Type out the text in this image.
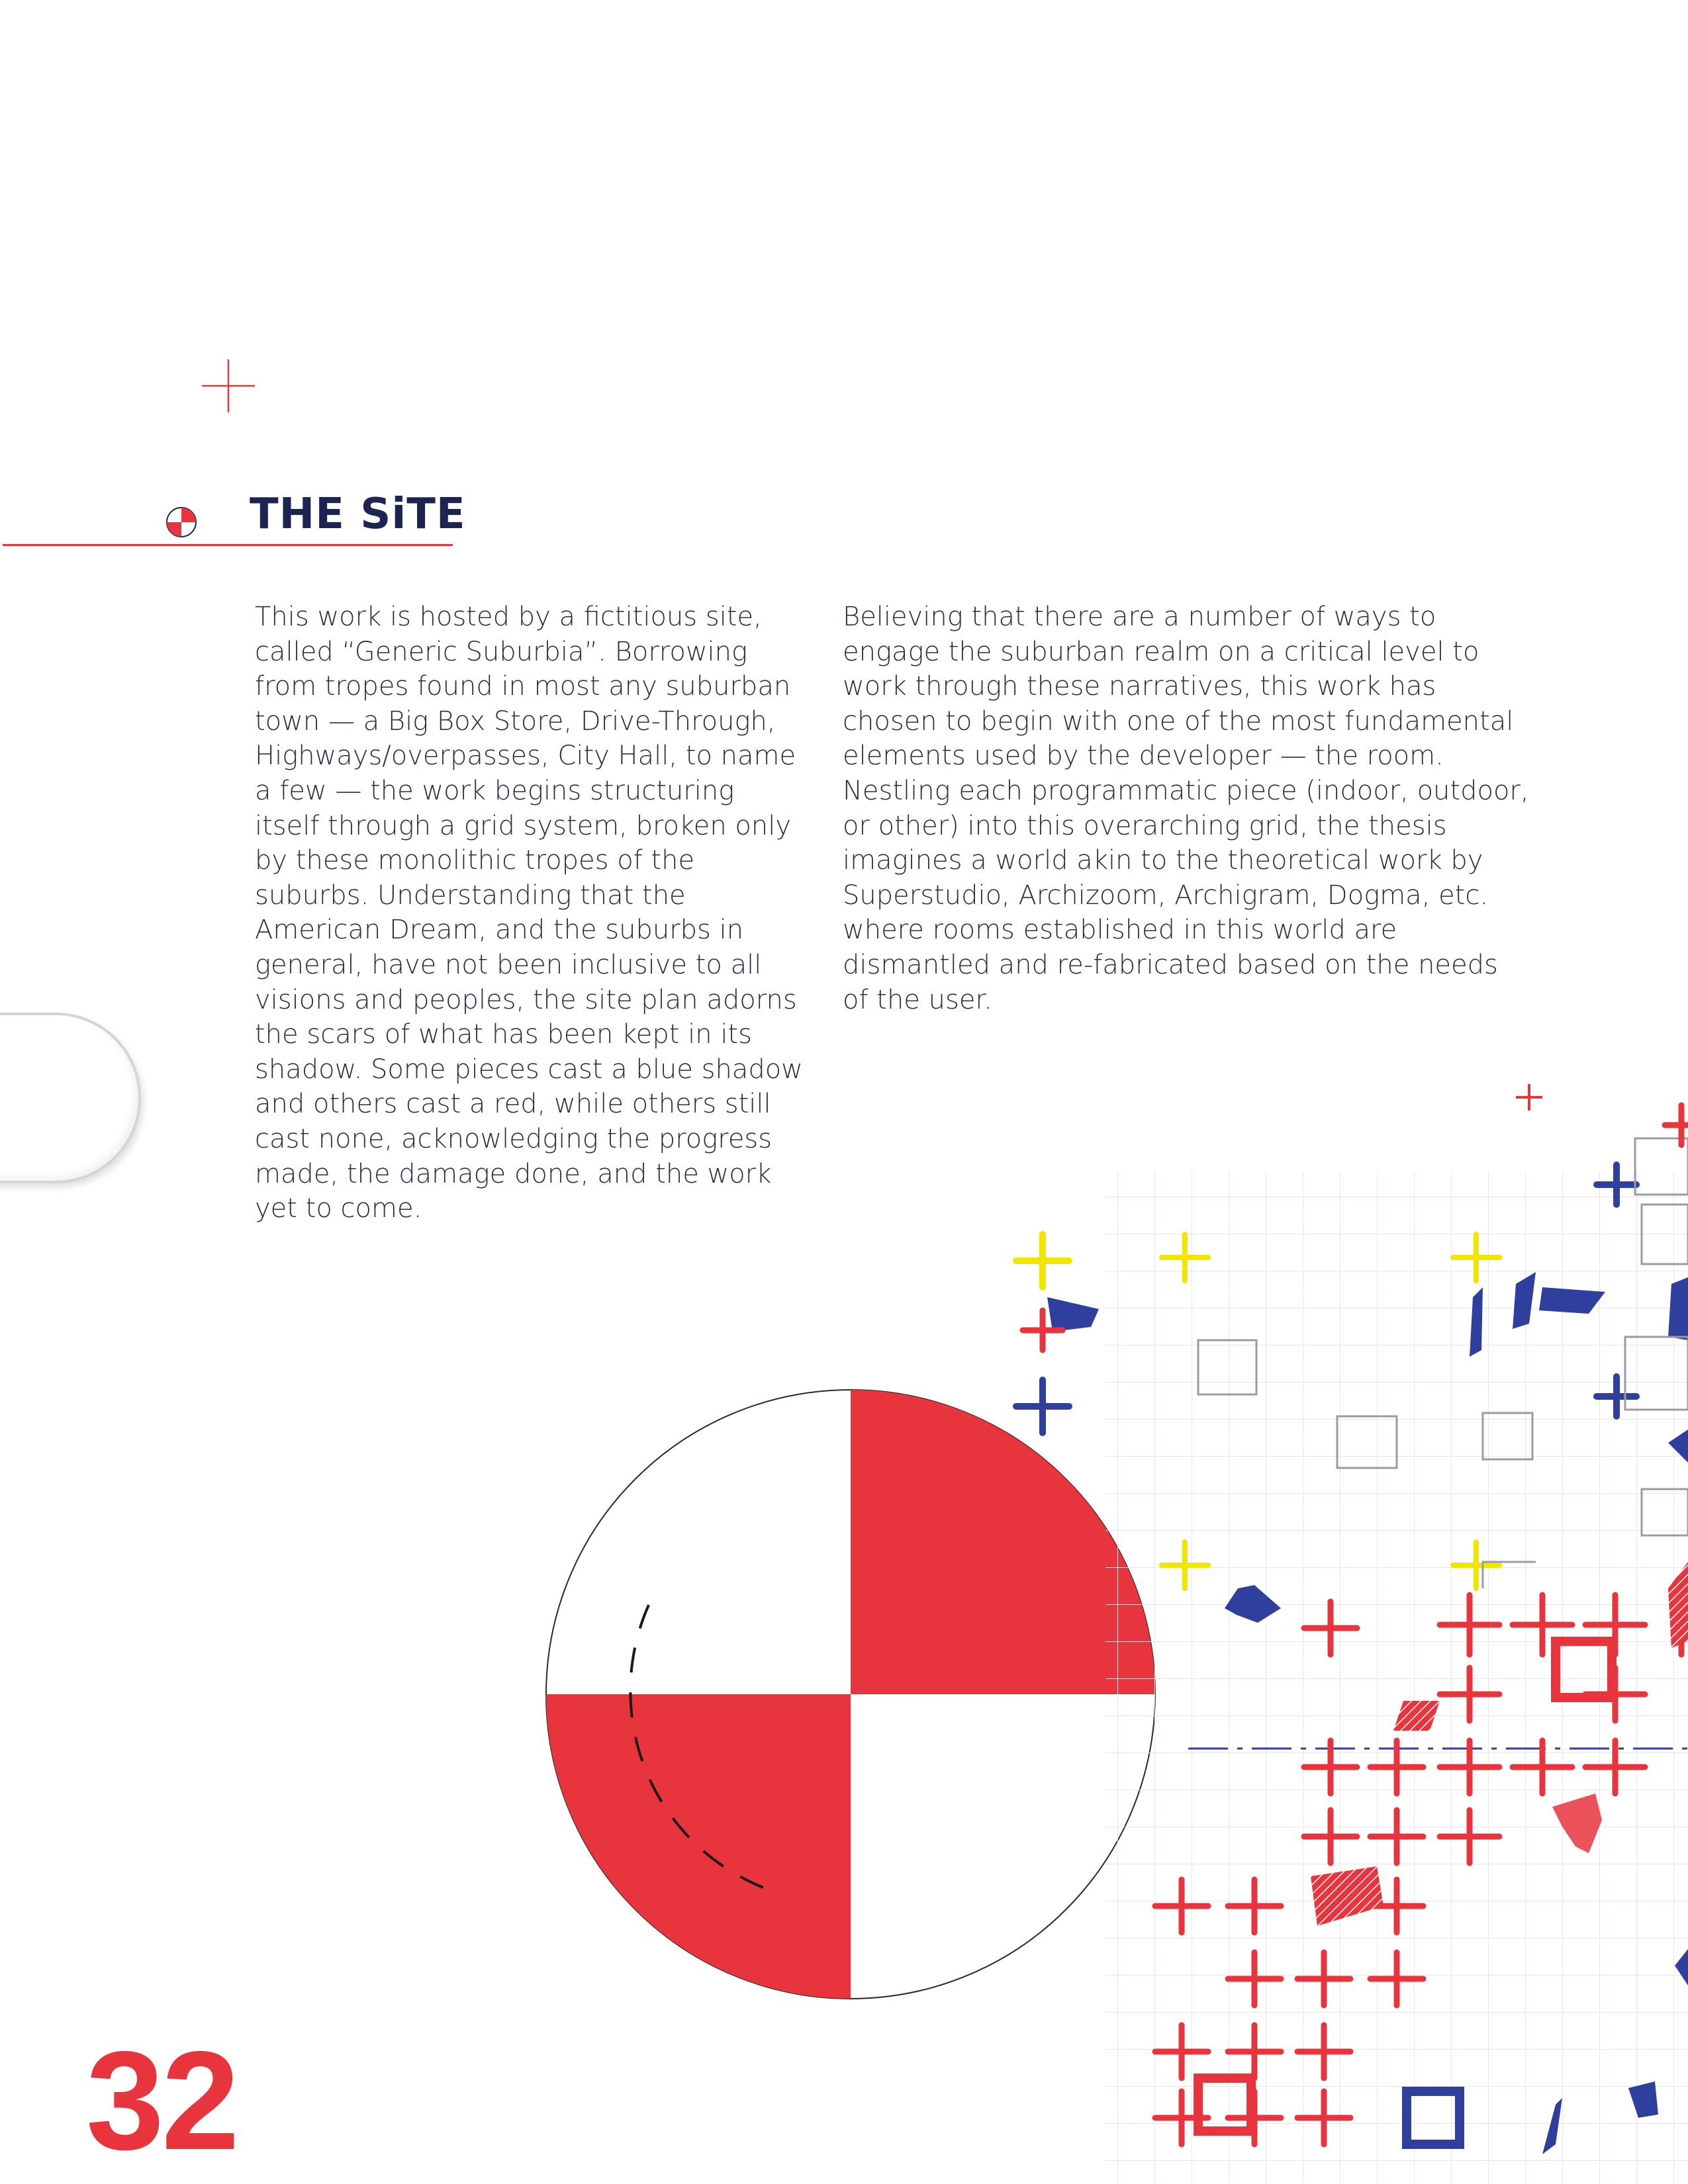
THE SiTE

This work is hosted by a fictitious site, called “Generic Suburbia”. Borrowing from tropes found in most any suburban town — a Big Box Store, Drive-Through, Highways/overpasses, City Hall, to name a few — the work begins structuring itself through a grid system, broken only by these monolithic tropes of the suburbs. Understanding that the American Dream, and the suburbs in general, have not been inclusive to all visions and peoples, the site plan adorns the scars of what has been kept in its shadow. Some pieces cast a blue shadow and others cast a red, while others still cast none, acknowledging the progress made, the damage done, and the work yet to come.

Believing that there are a number of ways to engage the suburban realm on a critical level to work through these narratives, this work has chosen to begin with one of the most fundamental elements used by the developer — the room. Nestling each programmatic piece (indoor, outdoor, or other) into this overarching grid, the thesis imagines a world akin to the theoretical work by Superstudio, Archizoom, Archigram, Dogma, etc. where rooms established in this world are dismantled and re-fabricated based on the needs of the user.

32
